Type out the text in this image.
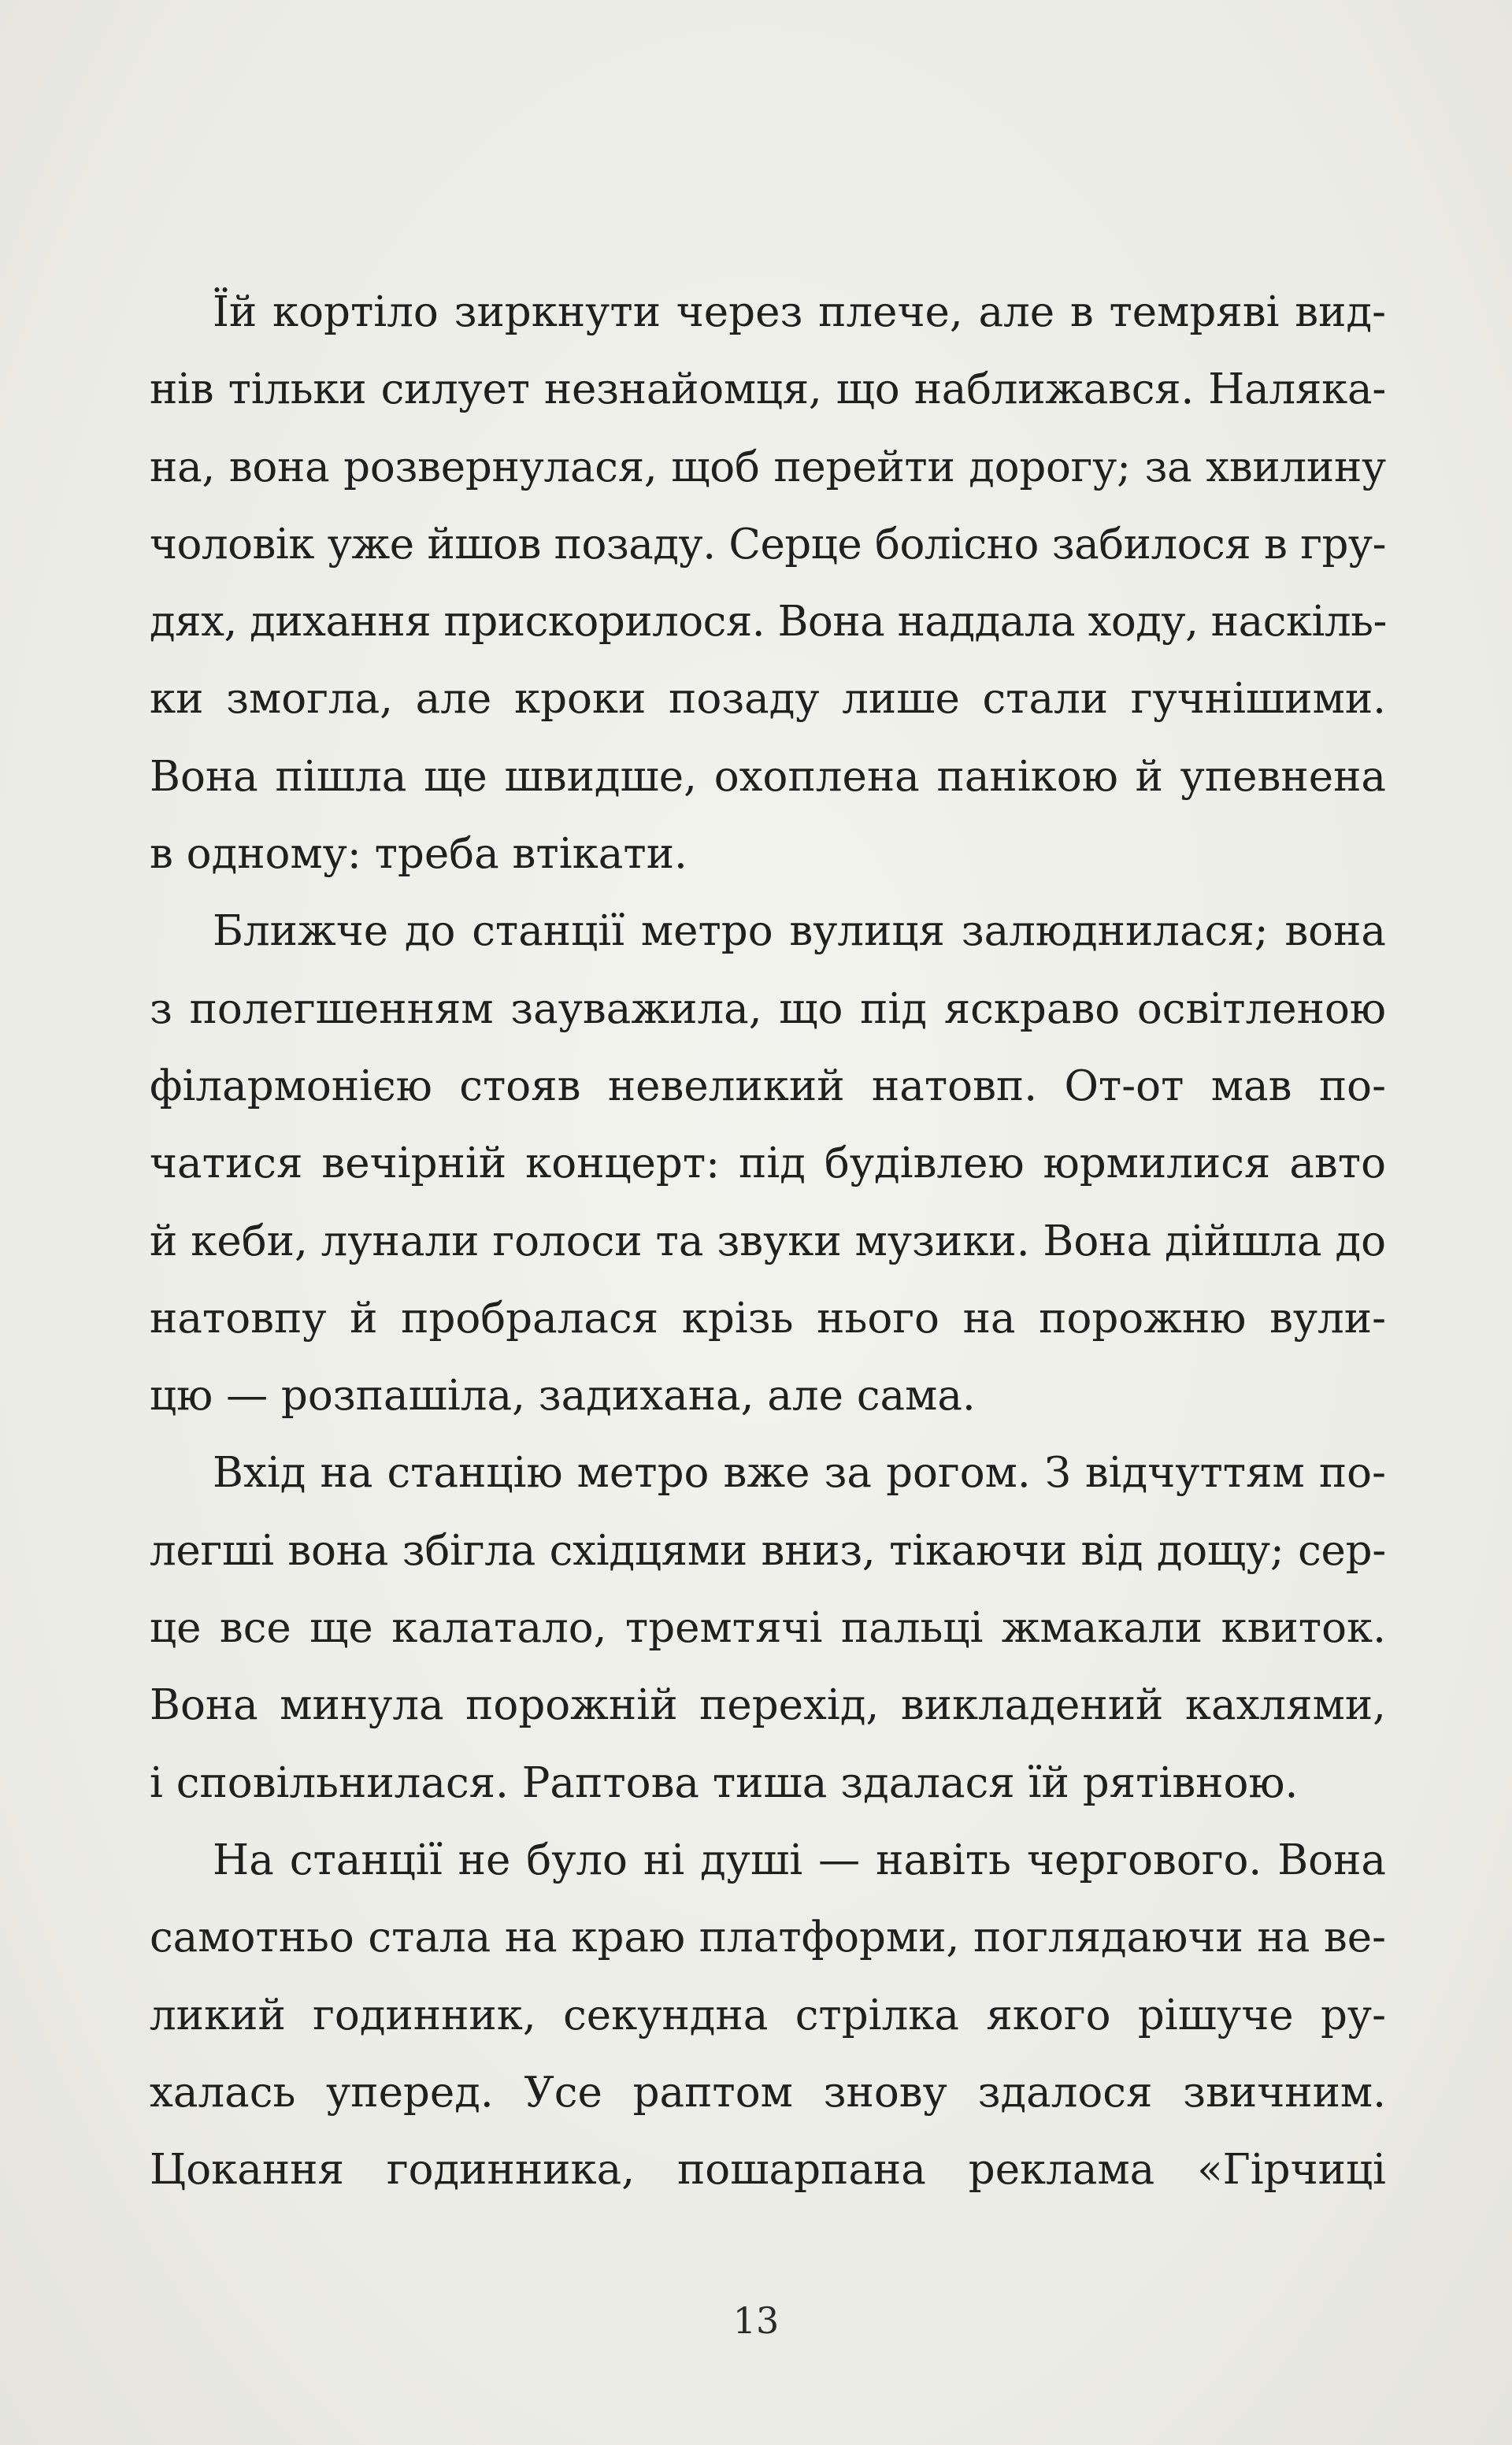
Їй кортіло зиркнути через плече, але в темряві вид-
нів тільки силует незнайомця, що наближався. Наляка-
на, вона розвернулася, щоб перейти дорогу; за хвилину
чоловік уже йшов позаду. Серце болісно забилося в гру-
дях, дихання прискорилося. Вона наддала ходу, наскіль-
ки змогла, але кроки позаду лише стали гучнішими.
Вона пішла ще швидше, охоплена панікою й упевнена
в одному: треба втікати.
Ближче до станції метро вулиця залюднилася; вона
з полегшенням зауважила, що під яскраво освітленою
філармонією стояв невеликий натовп. От-от мав по-
чатися вечірній концерт: під будівлею юрмилися авто
й кеби, лунали голоси та звуки музики. Вона дійшла до
натовпу й пробралася крізь нього на порожню вули-
цю — розпашіла, задихана, але сама.
Вхід на станцію метро вже за рогом. З відчуттям по-
легші вона збігла східцями вниз, тікаючи від дощу; сер-
це все ще калатало, тремтячі пальці жмакали квиток.
Вона минула порожній перехід, викладений кахлями,
і сповільнилася. Раптова тиша здалася їй рятівною.
На станції не було ні душі — навіть чергового. Вона
самотньо стала на краю платформи, поглядаючи на ве-
ликий годинник, секундна стрілка якого рішуче ру-
халась уперед. Усе раптом знову здалося звичним.
Цокання годинника, пошарпана реклама «Гірчиці
13
